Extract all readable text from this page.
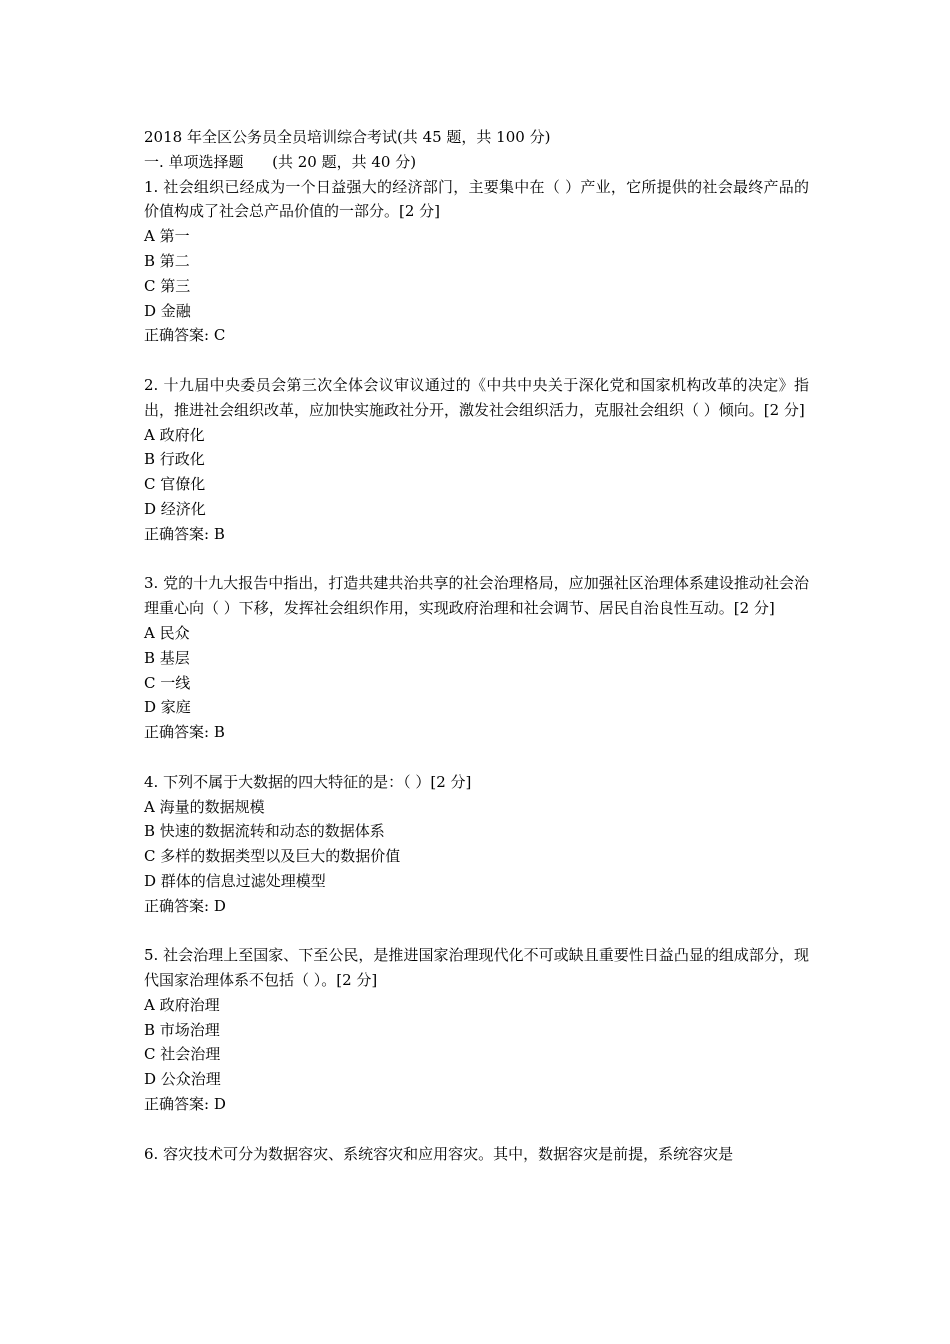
2018 年全区公务员全员培训综合考试(共 45 题，共 100 分)
一. 单项选择题      (共 20 题，共 40 分)
1. 社会组织已经成为一个日益强大的经济部门，主要集中在（ ）产业，它所提供的社会最终产品的价值构成了社会总产品价值的一部分。[2 分]
A 第一
B 第二
C 第三
D 金融
正确答案: C
2. 十九届中央委员会第三次全体会议审议通过的《中共中央关于深化党和国家机构改革的决定》指出，推进社会组织改革，应加快实施政社分开，激发社会组织活力，克服社会组织（ ）倾向。[2 分]
A 政府化
B 行政化
C 官僚化
D 经济化
正确答案: B
3. 党的十九大报告中指出，打造共建共治共享的社会治理格局，应加强社区治理体系建设推动社会治理重心向（ ）下移，发挥社会组织作用，实现政府治理和社会调节、居民自治良性互动。[2 分]
A 民众
B 基层
C 一线
D 家庭
正确答案: B
4. 下列不属于大数据的四大特征的是：（ ）[2 分]
A 海量的数据规模
B 快速的数据流转和动态的数据体系
C 多样的数据类型以及巨大的数据价值
D 群体的信息过滤处理模型
正确答案: D
5. 社会治理上至国家、下至公民，是推进国家治理现代化不可或缺且重要性日益凸显的组成部分，现代国家治理体系不包括（ ）。[2 分]
A 政府治理
B 市场治理
C 社会治理
D 公众治理
正确答案: D
6. 容灾技术可分为数据容灾、系统容灾和应用容灾。其中，数据容灾是前提，系统容灾是
